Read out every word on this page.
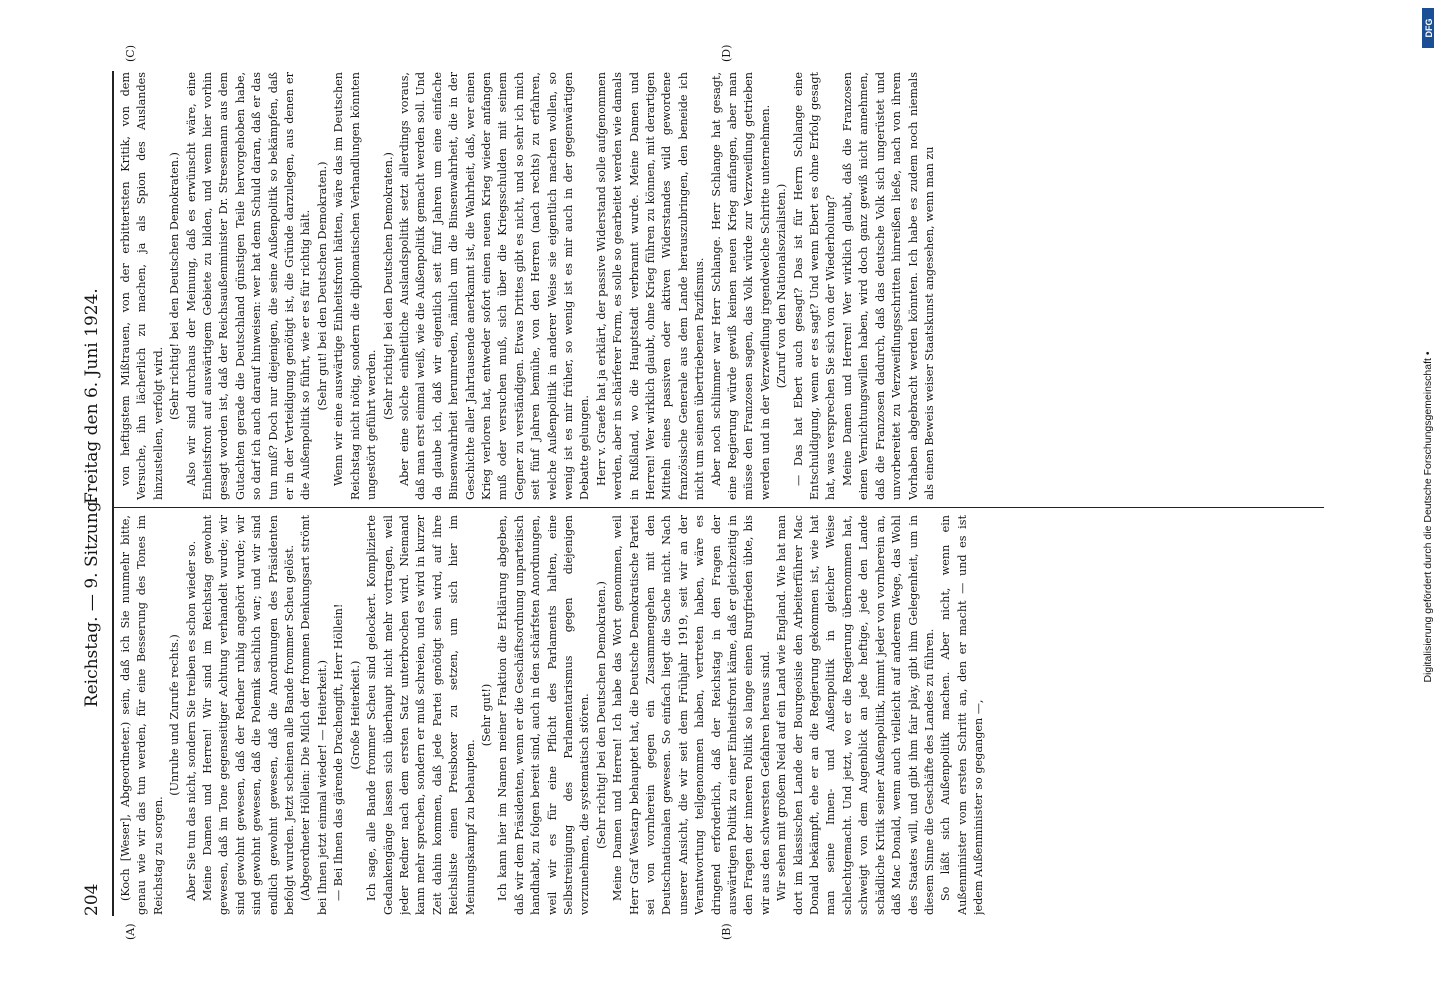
204
Reichstag. — 9. Sitzung.
Freitag den 6. Juni 1924.
(A)	(B)
(C)	(D)

(Koch [Weser], Abgeordneter.) sein, daß ich Sie nunmehr bitte, genau wie wir das tun werden, für eine Besserung des Tones im Reichstag zu sorgen.

(Unruhe und Zurufe rechts.) Aber Sie tun das nicht, sondern Sie treiben es schon wieder so. Meine Damen und Herren! Wir sind im Reichstag gewohnt gewesen, daß im Tone gegenseitiger Achtung verhandelt wurde; wir sind gewohnt gewesen, daß der Redner ruhig angehört wurde; wir sind gewohnt gewesen, daß die Polemik sachlich war; und wir sind endlich gewohnt gewesen, daß die Anordnungen des Präsidenten befolgt wurden. Jetzt scheinen alle Bande frommer Scheu gelöst. (Abgeordneter Höllein: Die Milch der frommen Denkungsart strömt bei Ihnen jetzt einmal wieder! — Heiterkeit.) — Bei Ihnen das gärende Drachengift, Herr Höllein! (Große Heiterkeit.) Ich sage, alle Bande frommer Scheu sind gelockert. Komplizierte Gedankengänge lassen sich überhaupt nicht mehr vortragen, weil jeder Redner nach dem ersten Satz unterbrochen wird. Niemand kann mehr sprechen, sondern er muß schreien, und es wird in kurzer Zeit dahin kommen, daß jede Partei genötigt sein wird, auf ihre Reichsliste einen Preisboxer zu setzen, um sich hier im Meinungskampf zu behaupten.

(Sehr gut!) Ich kann hier im Namen meiner Fraktion die Erklärung abgeben, daß wir dem Präsidenten, wenn er die Geschäftsordnung unparteiisch handhabt, zu folgen bereit sind, auch in den schärfsten Anordnungen, weil wir es für eine Pflicht des Parlaments halten, eine Selbstreinigung des Parlamentarismus gegen diejenigen vorzunehmen, die systematisch stören. (Sehr richtig! bei den Deutschen Demokraten.) Meine Damen und Herren! Ich habe das Wort genommen, weil Herr Graf Westarp behauptet hat, die Deutsche Demokratische Partei sei von vornherein gegen ein Zusammengehen mit den Deutschnationalen gewesen. So einfach liegt die Sache nicht. Nach unserer Ansicht, die wir seit dem Frühjahr 1919, seit wir an der Verantwortung teilgenommen haben, vertreten haben, wäre es dringend erforderlich, daß der Reichstag in den Fragen der auswärtigen Politik zu einer Einheitsfront käme, daß er gleichzeitig in den Fragen der inneren Politik so lange einen Burgfrieden übte, bis wir aus den schwersten Gefahren heraus sind. Wir sehen mit großem Neid auf ein Land wie England. Wie hat man dort im klassischen Lande der Bourgeoisie den Arbeiterführer Mac Donald bekämpft, ehe er an die Regierung gekommen ist, wie hat man seine Innen- und Außenpolitik in gleicher Weise schlechtgemacht. Und jetzt, wo er die Regierung übernommen hat, schweigt von dem Augenblick an jede heftige, jede den Lande schädliche Kritik seiner Außenpolitik, nimmt jeder von vornherein an, daß Mac Donald, wenn auch vielleicht auf anderem Wege, das Wohl des Staates will, und gibt ihm fair play, gibt ihm Gelegenheit, um in diesem Sinne die Geschäfte des Landes zu führen. So läßt sich Außenpolitik machen. Aber nicht, wenn ein Außenminister vom ersten Schritt an, den er macht — und es ist jedem Außenminister so gegangen —,

von heftigstem Mißtrauen, von der erbittertsten Kritik, von dem Versuche, ihn lächerlich zu machen, ja als Spion des Auslandes hinzustellen, verfolgt wird.

(Sehr richtig! bei den Deutschen Demokraten.) Also wir sind durchaus der Meinung, daß es erwünscht wäre, eine Einheitsfront auf auswärtigem Gebiete zu bilden, und wenn hier vorhin gesagt worden ist, daß der Reichsaußenminister Dr. Stresemann aus dem Gutachten gerade die Deutschland günstigen Teile hervorgehoben habe, so darf ich auch darauf hinweisen: wer hat denn Schuld daran, daß er das tun muß? Doch nur diejenigen, die seine Außenpolitik so bekämpfen, daß er in der Verteidigung genötigt ist, die Gründe darzulegen, aus denen er die Außenpolitik so führt, wie er es für richtig hält. (Sehr gut! bei den Deutschen Demokraten.) Wenn wir eine auswärtige Einheitsfront hätten, wäre das im Deutschen Reichstag nicht nötig, sondern die diplomatischen Verhandlungen könnten ungestört geführt werden.

(Sehr richtig! bei den Deutschen Demokraten.) Aber eine solche einheitliche Auslandspolitik setzt allerdings voraus, daß man erst einmal weiß, wie die Außenpolitik gemacht werden soll. Und da glaube ich, daß wir eigentlich seit fünf Jahren um eine einfache Binsenwahrheit herumreden, nämlich um die Binsenwahrheit, die in der Geschichte aller Jahrtausende anerkannt ist, die Wahrheit, daß, wer einen Krieg verloren hat, entweder sofort einen neuen Krieg wieder anfangen muß oder versuchen muß, sich über die Kriegsschulden mit seinem Gegner zu verständigen. Etwas Drittes gibt es nicht, und so sehr ich mich seit fünf Jahren bemühe, von den Herren (nach rechts) zu erfahren, welche Außenpolitik in anderer Weise sie eigentlich machen wollen, so wenig ist es mir früher, so wenig ist es mir auch in der gegenwärtigen Debatte gelungen. Herr v. Graefe hat ja erklärt, der passive Widerstand solle aufgenommen werden, aber in schärferer Form, es solle so gearbeitet werden wie damals in Rußland, wo die Hauptstadt verbrannt wurde. Meine Damen und Herren! Wer wirklich glaubt, ohne Krieg führen zu können, mit derartigen Mitteln eines passiven oder aktiven Widerstandes wild gewordene französische Generale aus dem Lande herauszubringen, den beneide ich nicht um seinen übertriebenen Pazifismus. Aber noch schlimmer war Herr Schlange. Herr Schlange hat gesagt, eine Regierung würde gewiß keinen neuen Krieg anfangen, aber man müsse den Franzosen sagen, das Volk würde zur Verzweiflung getrieben werden und in der Verzweiflung irgendwelche Schritte unternehmen. (Zuruf von den Nationalsozialisten.) — Das hat Ebert auch gesagt? Das ist für Herrn Schlange eine Entschuldigung, wenn er es sagt? Und wenn Ebert es ohne Erfolg gesagt hat, was versprechen Sie sich von der Wiederholung? Meine Damen und Herren! Wer wirklich glaubt, daß die Franzosen einen Vernichtungswillen haben, wird doch ganz gewiß nicht annehmen, daß die Franzosen dadurch, daß das deutsche Volk sich ungerüstet und unvorbereitet zu Verzweiflungsschritten hinreißen ließe, nach von ihrem Vorhaben abgebracht werden könnten. Ich habe es zudem noch niemals als einen Beweis weiser Staatskunst angesehen, wenn man zu

DFG
Digitalisierung gefördert durch die Deutsche Forschungsgemeinschaft •
